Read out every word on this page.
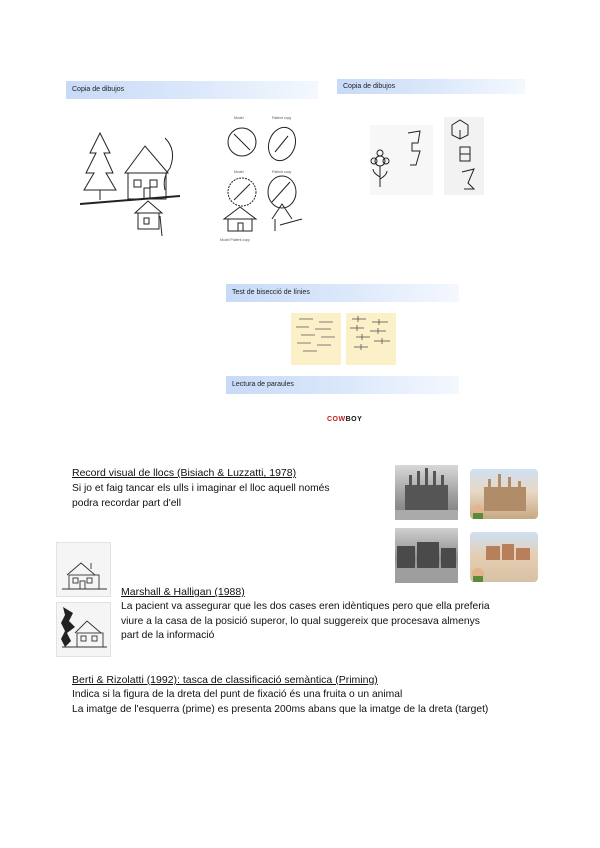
Copia de dibujos	Copia de dibujos
Model	Patient copy
Model	Patient copy
Model Patient copy
Test de bisecció de línies
Lectura de paraules
COWBOY
Record visual de llocs (Bisiach & Luzzatti, 1978)
Si jo et faig tancar els ulls i imaginar el lloc aquell només
podra recordar part d'ell
Marshall & Halligan (1988)
La pacient va assegurar que les dos cases eren idèntiques pero que ella preferia
viure a la casa de la posició superor, lo qual suggereix que procesava almenys
part de la informació
Berti & Rizolatti (1992): tasca de classificació semàntica (Priming)
Indica si la figura de la dreta del punt de fixació és una fruita o un animal
La imatge de l'esquerra (prime) es presenta 200ms abans que la imatge de la dreta (target)
